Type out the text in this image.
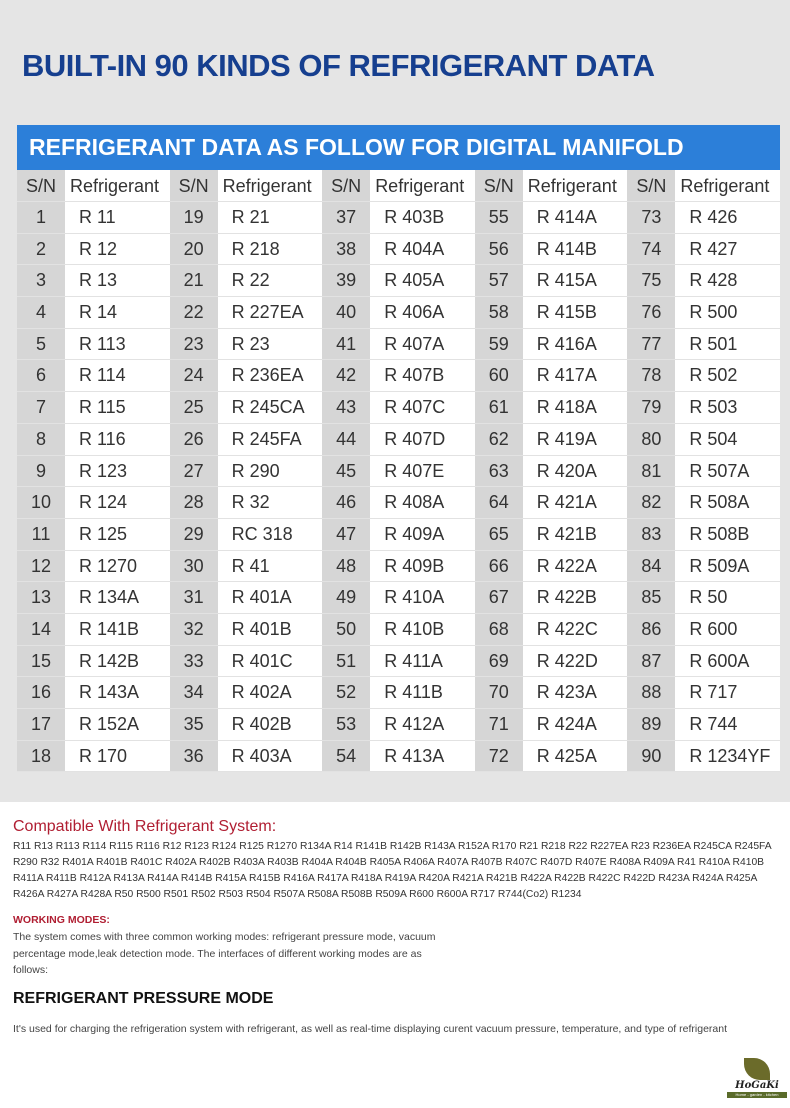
BUILT-IN 90 KINDS OF REFRIGERANT DATA
REFRIGERANT DATA AS FOLLOW FOR DIGITAL MANIFOLD
S/N Refrigerant	S/N Refrigerant	S/N Refrigerant	S/N Refrigerant	S/N Refrigerant
1	R 11	19	R 21	37	R 403B	55	R 414A	73	R 426
2	R 12	20	R 218	38	R 404A	56	R 414B	74	R 427
3	R 13	21	R 22	39	R 405A	57	R 415A	75	R 428
4	R 14	22	R 227EA	40	R 406A	58	R 415B	76	R 500
5	R 113	23	R 23	41	R 407A	59	R 416A	77	R 501
6	R 114	24	R 236EA	42	R 407B	60	R 417A	78	R 502
7	R 115	25	R 245CA	43	R 407C	61	R 418A	79	R 503
8	R 116	26	R 245FA	44	R 407D	62	R 419A	80	R 504
9	R 123	27	R 290	45	R 407E	63	R 420A	81	R 507A
10	R 124	28	R 32	46	R 408A	64	R 421A	82	R 508A
11	R 125	29	RC 318	47	R 409A	65	R 421B	83	R 508B
12	R 1270	30	R 41	48	R 409B	66	R 422A	84	R 509A
13	R 134A	31	R 401A	49	R 410A	67	R 422B	85	R 50
14	R 141B	32	R 401B	50	R 410B	68	R 422C	86	R 600
15	R 142B	33	R 401C	51	R 411A	69	R 422D	87	R 600A
16	R 143A	34	R 402A	52	R 411B	70	R 423A	88	R 717
17	R 152A	35	R 402B	53	R 412A	71	R 424A	89	R 744
18	R 170	36	R 403A	54	R 413A	72	R 425A	90	R 1234YF
Compatible With Refrigerant System:
R11 R13 R113 R114 R115 R116 R12 R123 R124 R125 R1270 R134A R14 R141B R142B R143A R152A R170 R21 R218 R22 R227EA R23 R236EA R245CA R245FA R290 R32 R401A R401B R401C R402A R402B R403A R403B R404A R404B R405A R406A R407A R407B R407C R407D R407E R408A R409A R41 R410A R410B R411A R411B R412A R413A R414A R414B R415A R415B R416A R417A R418A R419A R420A R421A R421B R422A R422B R422C R422D R423A R424A R425A R426A R427A R428A R50 R500 R501 R502 R503 R504 R507A R508A R508B R509A R600 R600A R717 R744(Co2) R1234
WORKING MODES:
The system comes with three common working modes: refrigerant pressure mode, vacuum percentage mode,leak detection mode. The interfaces of different working modes are as follows:
REFRIGERANT PRESSURE MODE
It's used for charging the refrigeration system with refrigerant, as well as real-time displaying curent vacuum pressure, temperature, and type of refrigerant
HoGaKi
Home - garden - kitchen
